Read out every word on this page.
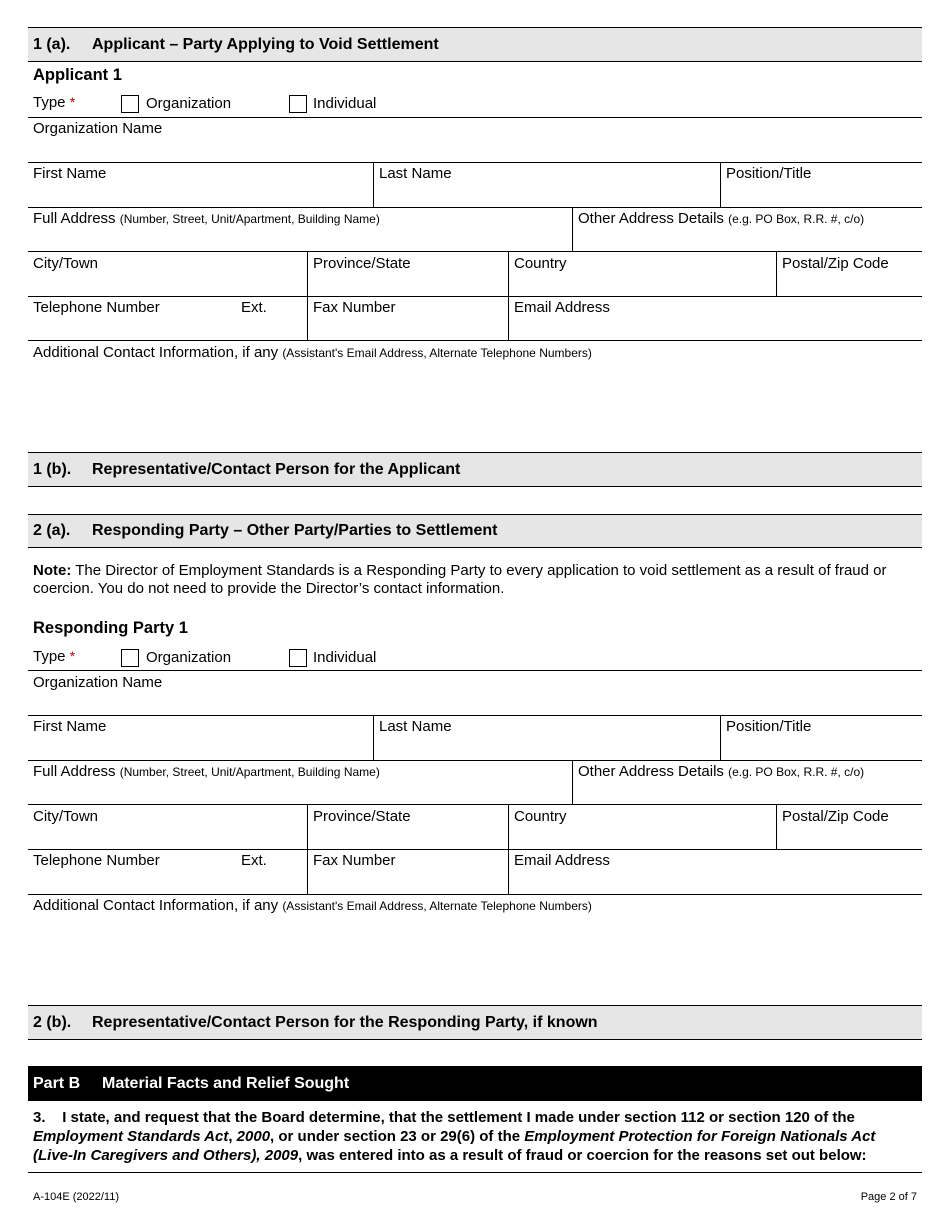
1 (a).	Applicant – Party Applying to Void Settlement
Applicant 1
Type *	Organization	Individual
Organization Name
First Name	Last Name	Position/Title
Full Address (Number, Street, Unit/Apartment, Building Name)	Other Address Details (e.g. PO Box, R.R. #, c/o)
City/Town	Province/State	Country	Postal/Zip Code
Telephone Number	Ext.	Fax Number	Email Address
Additional Contact Information, if any (Assistant's Email Address, Alternate Telephone Numbers)
1 (b).	Representative/Contact Person for the Applicant
2 (a).	Responding Party – Other Party/Parties to Settlement
Note: The Director of Employment Standards is a Responding Party to every application to void settlement as a result of fraud or coercion. You do not need to provide the Director’s contact information.
Responding Party 1
Type *	Organization	Individual
Organization Name
First Name	Last Name	Position/Title
Full Address (Number, Street, Unit/Apartment, Building Name)	Other Address Details (e.g. PO Box, R.R. #, c/o)
City/Town	Province/State	Country	Postal/Zip Code
Telephone Number	Ext.	Fax Number	Email Address
Additional Contact Information, if any (Assistant's Email Address, Alternate Telephone Numbers)
2 (b).	Representative/Contact Person for the Responding Party, if known
Part B	Material Facts and Relief Sought
3. I state, and request that the Board determine, that the settlement I made under section 112 or section 120 of the Employment Standards Act, 2000, or under section 23 or 29(6) of the Employment Protection for Foreign Nationals Act (Live-In Caregivers and Others), 2009, was entered into as a result of fraud or coercion for the reasons set out below:
A-104E (2022/11)	Page 2 of 7
